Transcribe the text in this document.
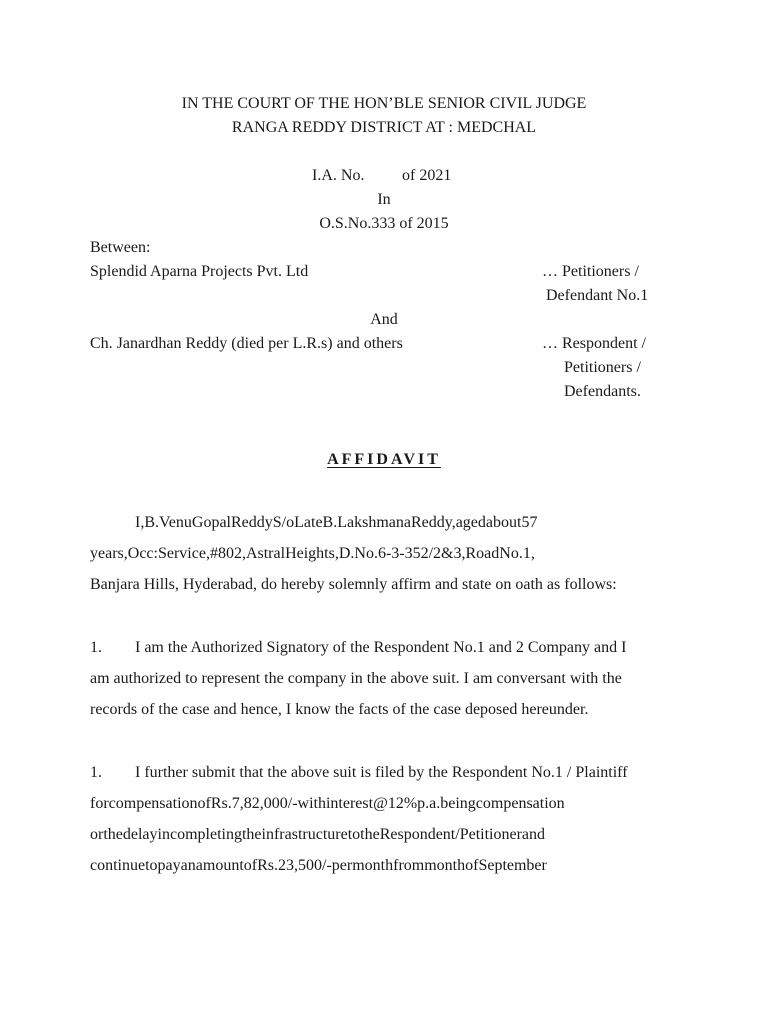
IN THE COURT OF THE HON’BLE SENIOR CIVIL JUDGE
RANGA REDDY DISTRICT AT : MEDCHAL
I.A. No. of 2021
In
O.S.No.333 of 2015
Between:
Splendid Aparna Projects Pvt. Ltd	… Petitioners /
Defendant No.1
And
Ch. Janardhan Reddy (died per L.R.s) and others	… Respondent /
Petitioners /
Defendants.
AFFIDAVIT
I,B.VenuGopalReddyS/oLateB.LakshmanaReddy,agedabout57
years,Occ:Service,#802,AstralHeights,D.No.6-3-352/2&3,RoadNo.1,
Banjara Hills, Hyderabad, do hereby solemnly affirm and state on oath as follows:
1. I am the Authorized Signatory of the Respondent No.1 and 2 Company and I
am authorized to represent the company in the above suit. I am conversant with the
records of the case and hence, I know the facts of the case deposed hereunder.
1. I further submit that the above suit is filed by the Respondent No.1 / Plaintiff
forcompensationofRs.7,82,000/-withinterest@12%p.a.beingcompensation
orthedelayincompletingtheinfrastructuretotheRespondent/Petitionerand
continuetopayanamountofRs.23,500/-permonthfrommonthofSeptember
